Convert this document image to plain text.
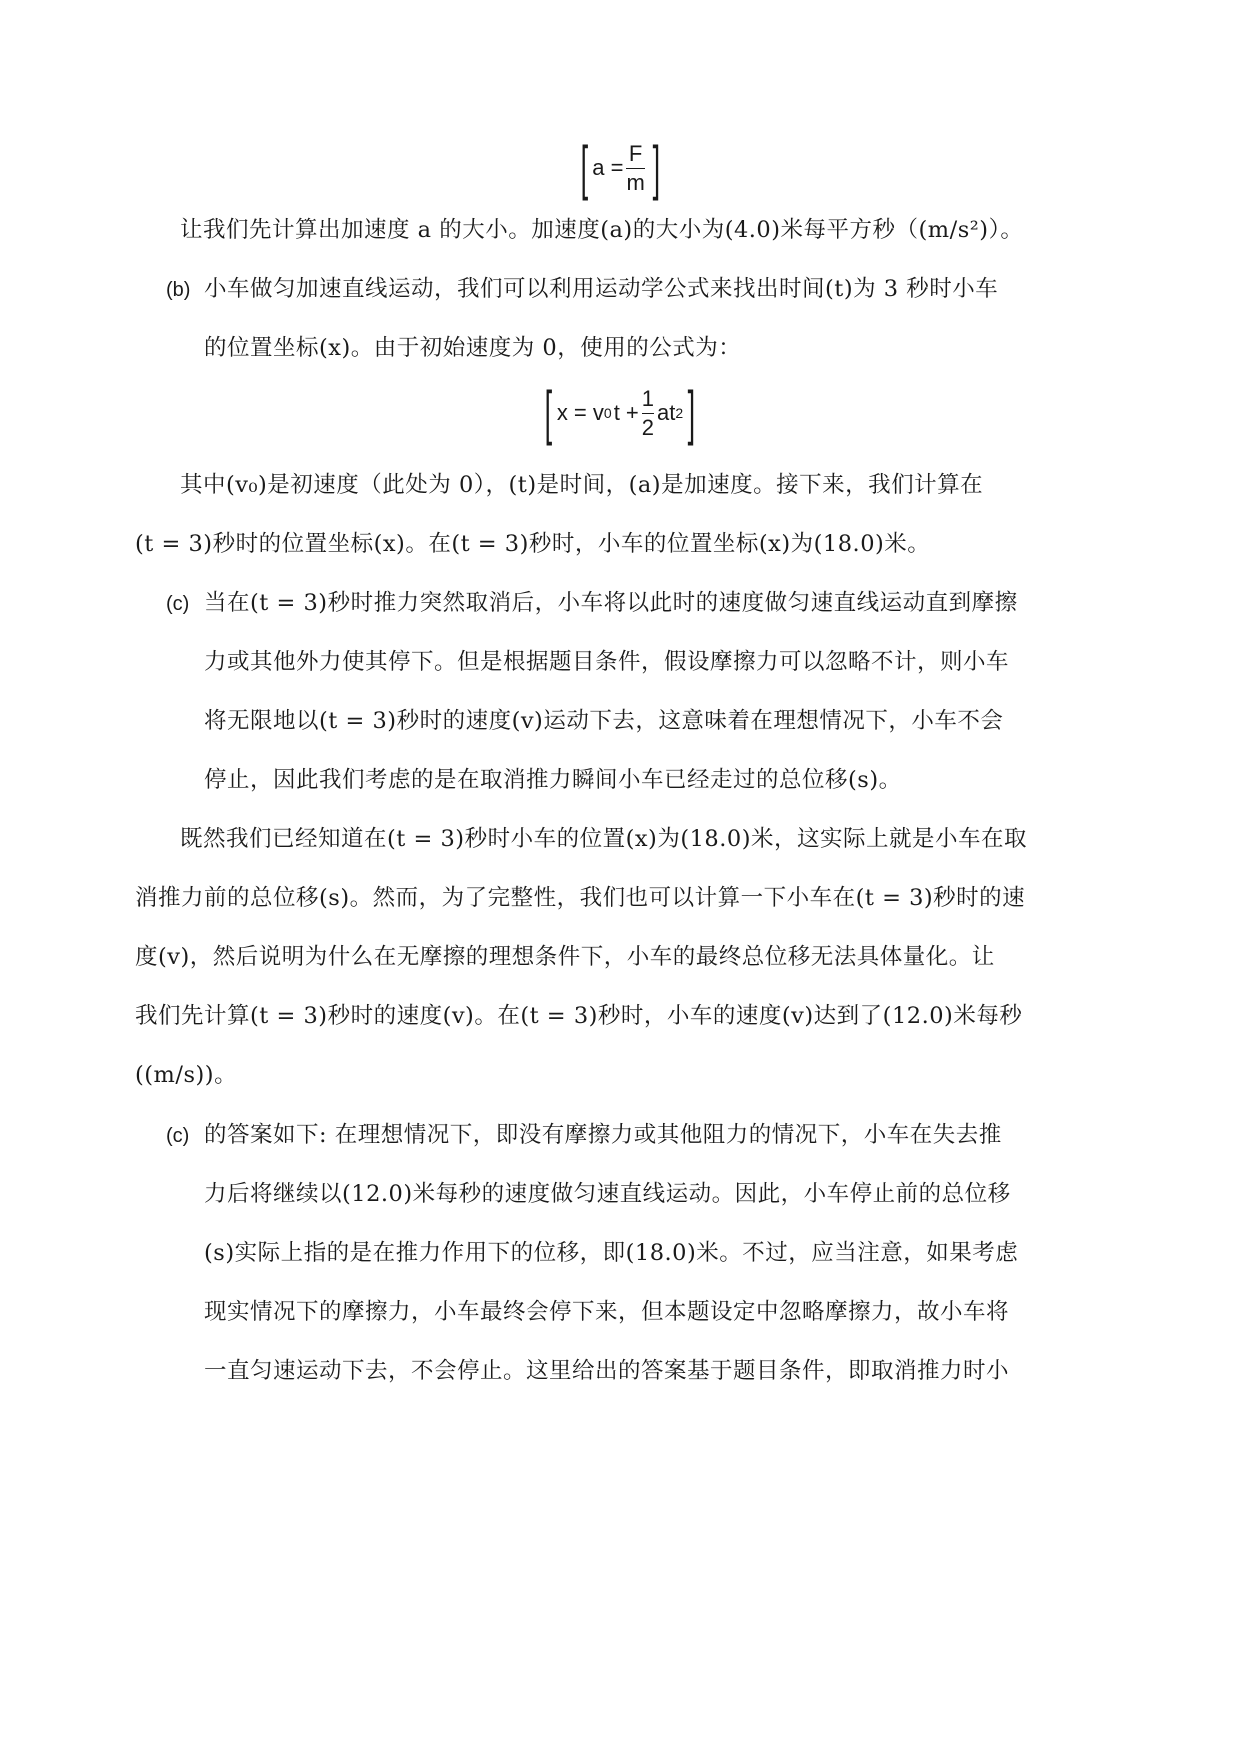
[ $a = \frac{F}{m}$ ]
让我们先计算出加速度 a 的大小。加速度(a)的大小为(4.0)米每平方秒（(m/s²)）。
(b) 小车做匀加速直线运动，我们可以利用运动学公式来找出时间(t)为 3 秒时小车
的位置坐标(x)。由于初始速度为 0，使用的公式为：
[ x = v 0 $t + \frac{1}{2}$ at 2 ]
其中(v₀)是初速度（此处为 0），(t)是时间，(a)是加速度。接下来，我们计算在
(t = 3)秒时的位置坐标(x)。在(t = 3)秒时，小车的位置坐标(x)为(18.0)米。
(c) 当在(t = 3)秒时推力突然取消后，小车将以此时的速度做匀速直线运动直到摩擦
力或其他外力使其停下。但是根据题目条件，假设摩擦力可以忽略不计，则小车
将无限地以(t = 3)秒时的速度(v)运动下去，这意味着在理想情况下，小车不会
停止，因此我们考虑的是在取消推力瞬间小车已经走过的总位移(s)。
既然我们已经知道在(t = 3)秒时小车的位置(x)为(18.0)米，这实际上就是小车在取
消推力前的总位移(s)。然而，为了完整性，我们也可以计算一下小车在(t = 3)秒时的速
度(v)，然后说明为什么在无摩擦的理想条件下，小车的最终总位移无法具体量化。让
我们先计算(t = 3)秒时的速度(v)。在(t = 3)秒时，小车的速度(v)达到了(12.0)米每秒
((m/s))。
(c) 的答案如下: 在理想情况下，即没有摩擦力或其他阻力的情况下，小车在失去推
力后将继续以(12.0)米每秒的速度做匀速直线运动。因此，小车停止前的总位移
(s)实际上指的是在推力作用下的位移，即(18.0)米。不过，应当注意，如果考虑
现实情况下的摩擦力，小车最终会停下来，但本题设定中忽略摩擦力，故小车将
一直匀速运动下去，不会停止。这里给出的答案基于题目条件，即取消推力时小
